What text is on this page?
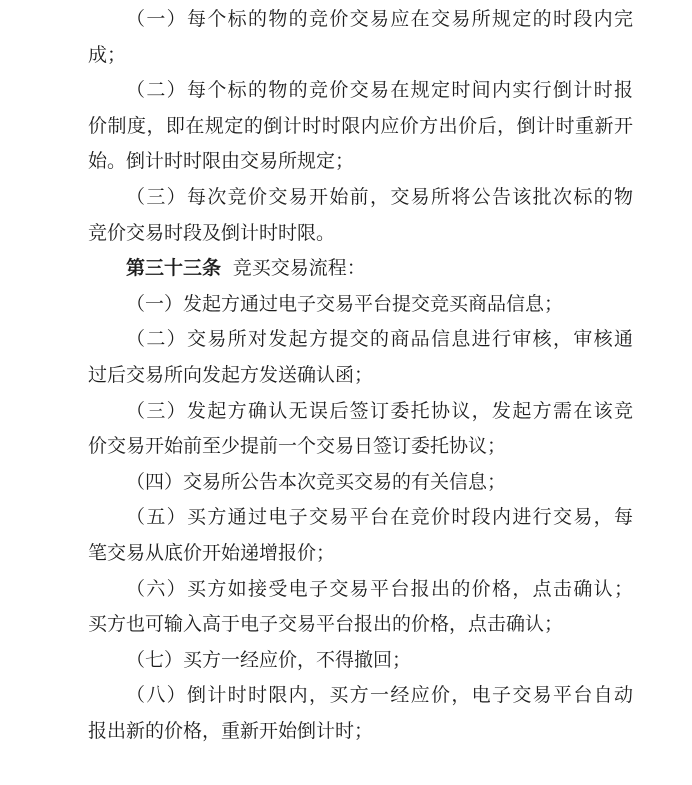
（一）每个标的物的竞价交易应在交易所规定的时段内完
成；
（二）每个标的物的竞价交易在规定时间内实行倒计时报
价制度，即在规定的倒计时时限内应价方出价后，倒计时重新开
始。倒计时时限由交易所规定；
（三）每次竞价交易开始前，交易所将公告该批次标的物
竞价交易时段及倒计时时限。
第三十三条 竞买交易流程：
（一）发起方通过电子交易平台提交竞买商品信息；
（二）交易所对发起方提交的商品信息进行审核，审核通
过后交易所向发起方发送确认函；
（三）发起方确认无误后签订委托协议，发起方需在该竞
价交易开始前至少提前一个交易日签订委托协议；
（四）交易所公告本次竞买交易的有关信息；
（五）买方通过电子交易平台在竞价时段内进行交易，每
笔交易从底价开始递增报价；
（六）买方如接受电子交易平台报出的价格，点击确认；
买方也可输入高于电子交易平台报出的价格，点击确认；
（七）买方一经应价，不得撤回；
（八）倒计时时限内，买方一经应价，电子交易平台自动
报出新的价格，重新开始倒计时；
